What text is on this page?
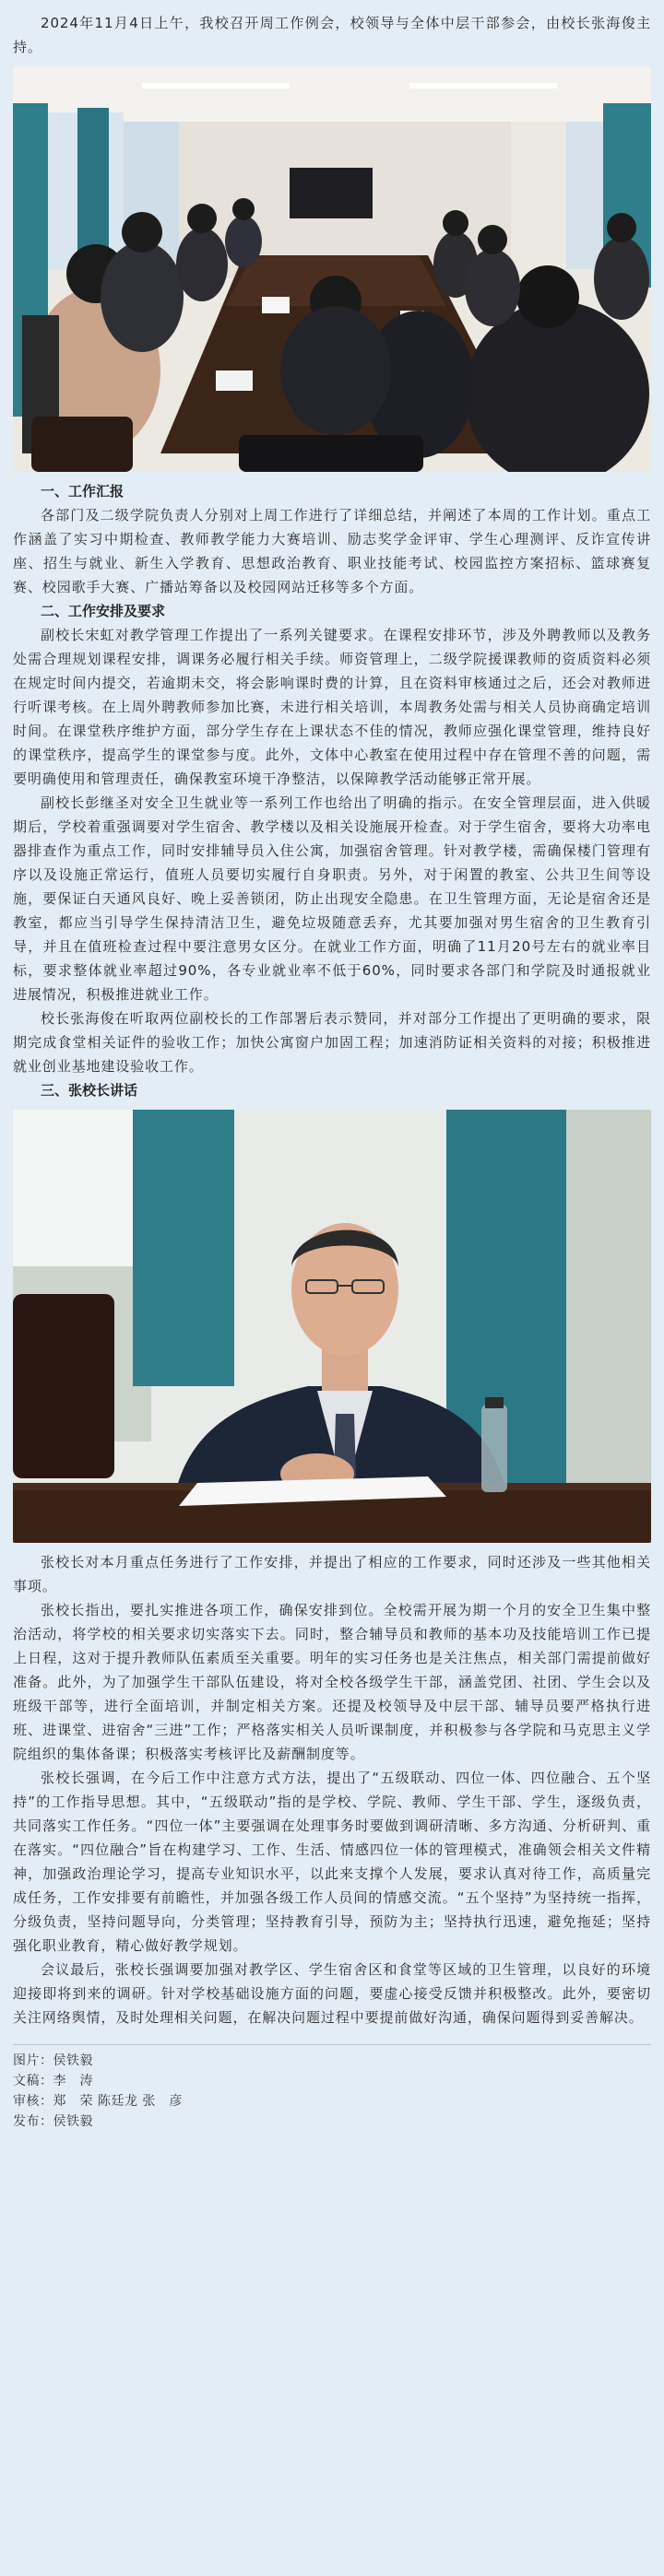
2024年11月4日上午，我校召开周工作例会，校领导与全体中层干部参会，由校长张海俊主持。

一、工作汇报

各部门及二级学院负责人分别对上周工作进行了详细总结，并阐述了本周的工作计划。重点工作涵盖了实习中期检查、教师教学能力大赛培训、励志奖学金评审、学生心理测评、反诈宣传讲座、招生与就业、新生入学教育、思想政治教育、职业技能考试、校园监控方案招标、篮球赛复赛、校园歌手大赛、广播站筹备以及校园网站迁移等多个方面。

二、工作安排及要求

副校长宋虹对教学管理工作提出了一系列关键要求。在课程安排环节，涉及外聘教师以及教务处需合理规划课程安排，调课务必履行相关手续。师资管理上，二级学院援课教师的资质资料必须在规定时间内提交，若逾期未交，将会影响课时费的计算，且在资料审核通过之后，还会对教师进行听课考核。在上周外聘教师参加比赛，未进行相关培训，本周教务处需与相关人员协商确定培训时间。在课堂秩序维护方面，部分学生存在上课状态不佳的情况，教师应强化课堂管理，维持良好的课堂秩序，提高学生的课堂参与度。此外，文体中心教室在使用过程中存在管理不善的问题，需要明确使用和管理责任，确保教室环境干净整洁，以保障教学活动能够正常开展。

副校长彭继圣对安全卫生就业等一系列工作也给出了明确的指示。在安全管理层面，进入供暖期后，学校着重强调要对学生宿舍、教学楼以及相关设施展开检查。对于学生宿舍，要将大功率电器排查作为重点工作，同时安排辅导员入住公寓，加强宿舍管理。针对教学楼，需确保楼门管理有序以及设施正常运行，值班人员要切实履行自身职责。另外，对于闲置的教室、公共卫生间等设施，要保证白天通风良好、晚上妥善锁闭，防止出现安全隐患。在卫生管理方面，无论是宿舍还是教室，都应当引导学生保持清洁卫生，避免垃圾随意丢弃，尤其要加强对男生宿舍的卫生教育引导，并且在值班检查过程中要注意男女区分。在就业工作方面，明确了11月20号左右的就业率目标，要求整体就业率超过90%，各专业就业率不低于60%，同时要求各部门和学院及时通报就业进展情况，积极推进就业工作。

校长张海俊在听取两位副校长的工作部署后表示赞同，并对部分工作提出了更明确的要求，限期完成食堂相关证件的验收工作；加快公寓窗户加固工程；加速消防证相关资料的对接；积极推进就业创业基地建设验收工作。

三、张校长讲话

张校长对本月重点任务进行了工作安排，并提出了相应的工作要求，同时还涉及一些其他相关事项。

张校长指出，要扎实推进各项工作，确保安排到位。全校需开展为期一个月的安全卫生集中整治活动，将学校的相关要求切实落实下去。同时，整合辅导员和教师的基本功及技能培训工作已提上日程，这对于提升教师队伍素质至关重要。明年的实习任务也是关注焦点，相关部门需提前做好准备。此外，为了加强学生干部队伍建设，将对全校各级学生干部，涵盖党团、社团、学生会以及班级干部等，进行全面培训，并制定相关方案。还提及校领导及中层干部、辅导员要严格执行进班、进课堂、进宿舍“三进”工作；严格落实相关人员听课制度，并积极参与各学院和马克思主义学院组织的集体备课；积极落实考核评比及薪酬制度等。

张校长强调，在今后工作中注意方式方法，提出了“五级联动、四位一体、四位融合、五个坚持”的工作指导思想。其中，“五级联动”指的是学校、学院、教师、学生干部、学生，逐级负责，共同落实工作任务。“四位一体”主要强调在处理事务时要做到调研清晰、多方沟通、分析研判、重在落实。“四位融合”旨在构建学习、工作、生活、情感四位一体的管理模式，准确领会相关文件精神，加强政治理论学习，提高专业知识水平，以此来支撑个人发展，要求认真对待工作，高质量完成任务，工作安排要有前瞻性，并加强各级工作人员间的情感交流。“五个坚持”为坚持统一指挥，分级负责，坚持问题导向，分类管理；坚持教育引导，预防为主；坚持执行迅速，避免拖延；坚持强化职业教育，精心做好教学规划。

会议最后，张校长强调要加强对教学区、学生宿舍区和食堂等区域的卫生管理，以良好的环境迎接即将到来的调研。针对学校基础设施方面的问题，要虚心接受反馈并积极整改。此外，要密切关注网络舆情，及时处理相关问题，在解决问题过程中要提前做好沟通，确保问题得到妥善解决。

图片：侯铁毅
文稿：李　涛
审核：郑　荣 陈廷龙 张　彦
发布：侯铁毅
